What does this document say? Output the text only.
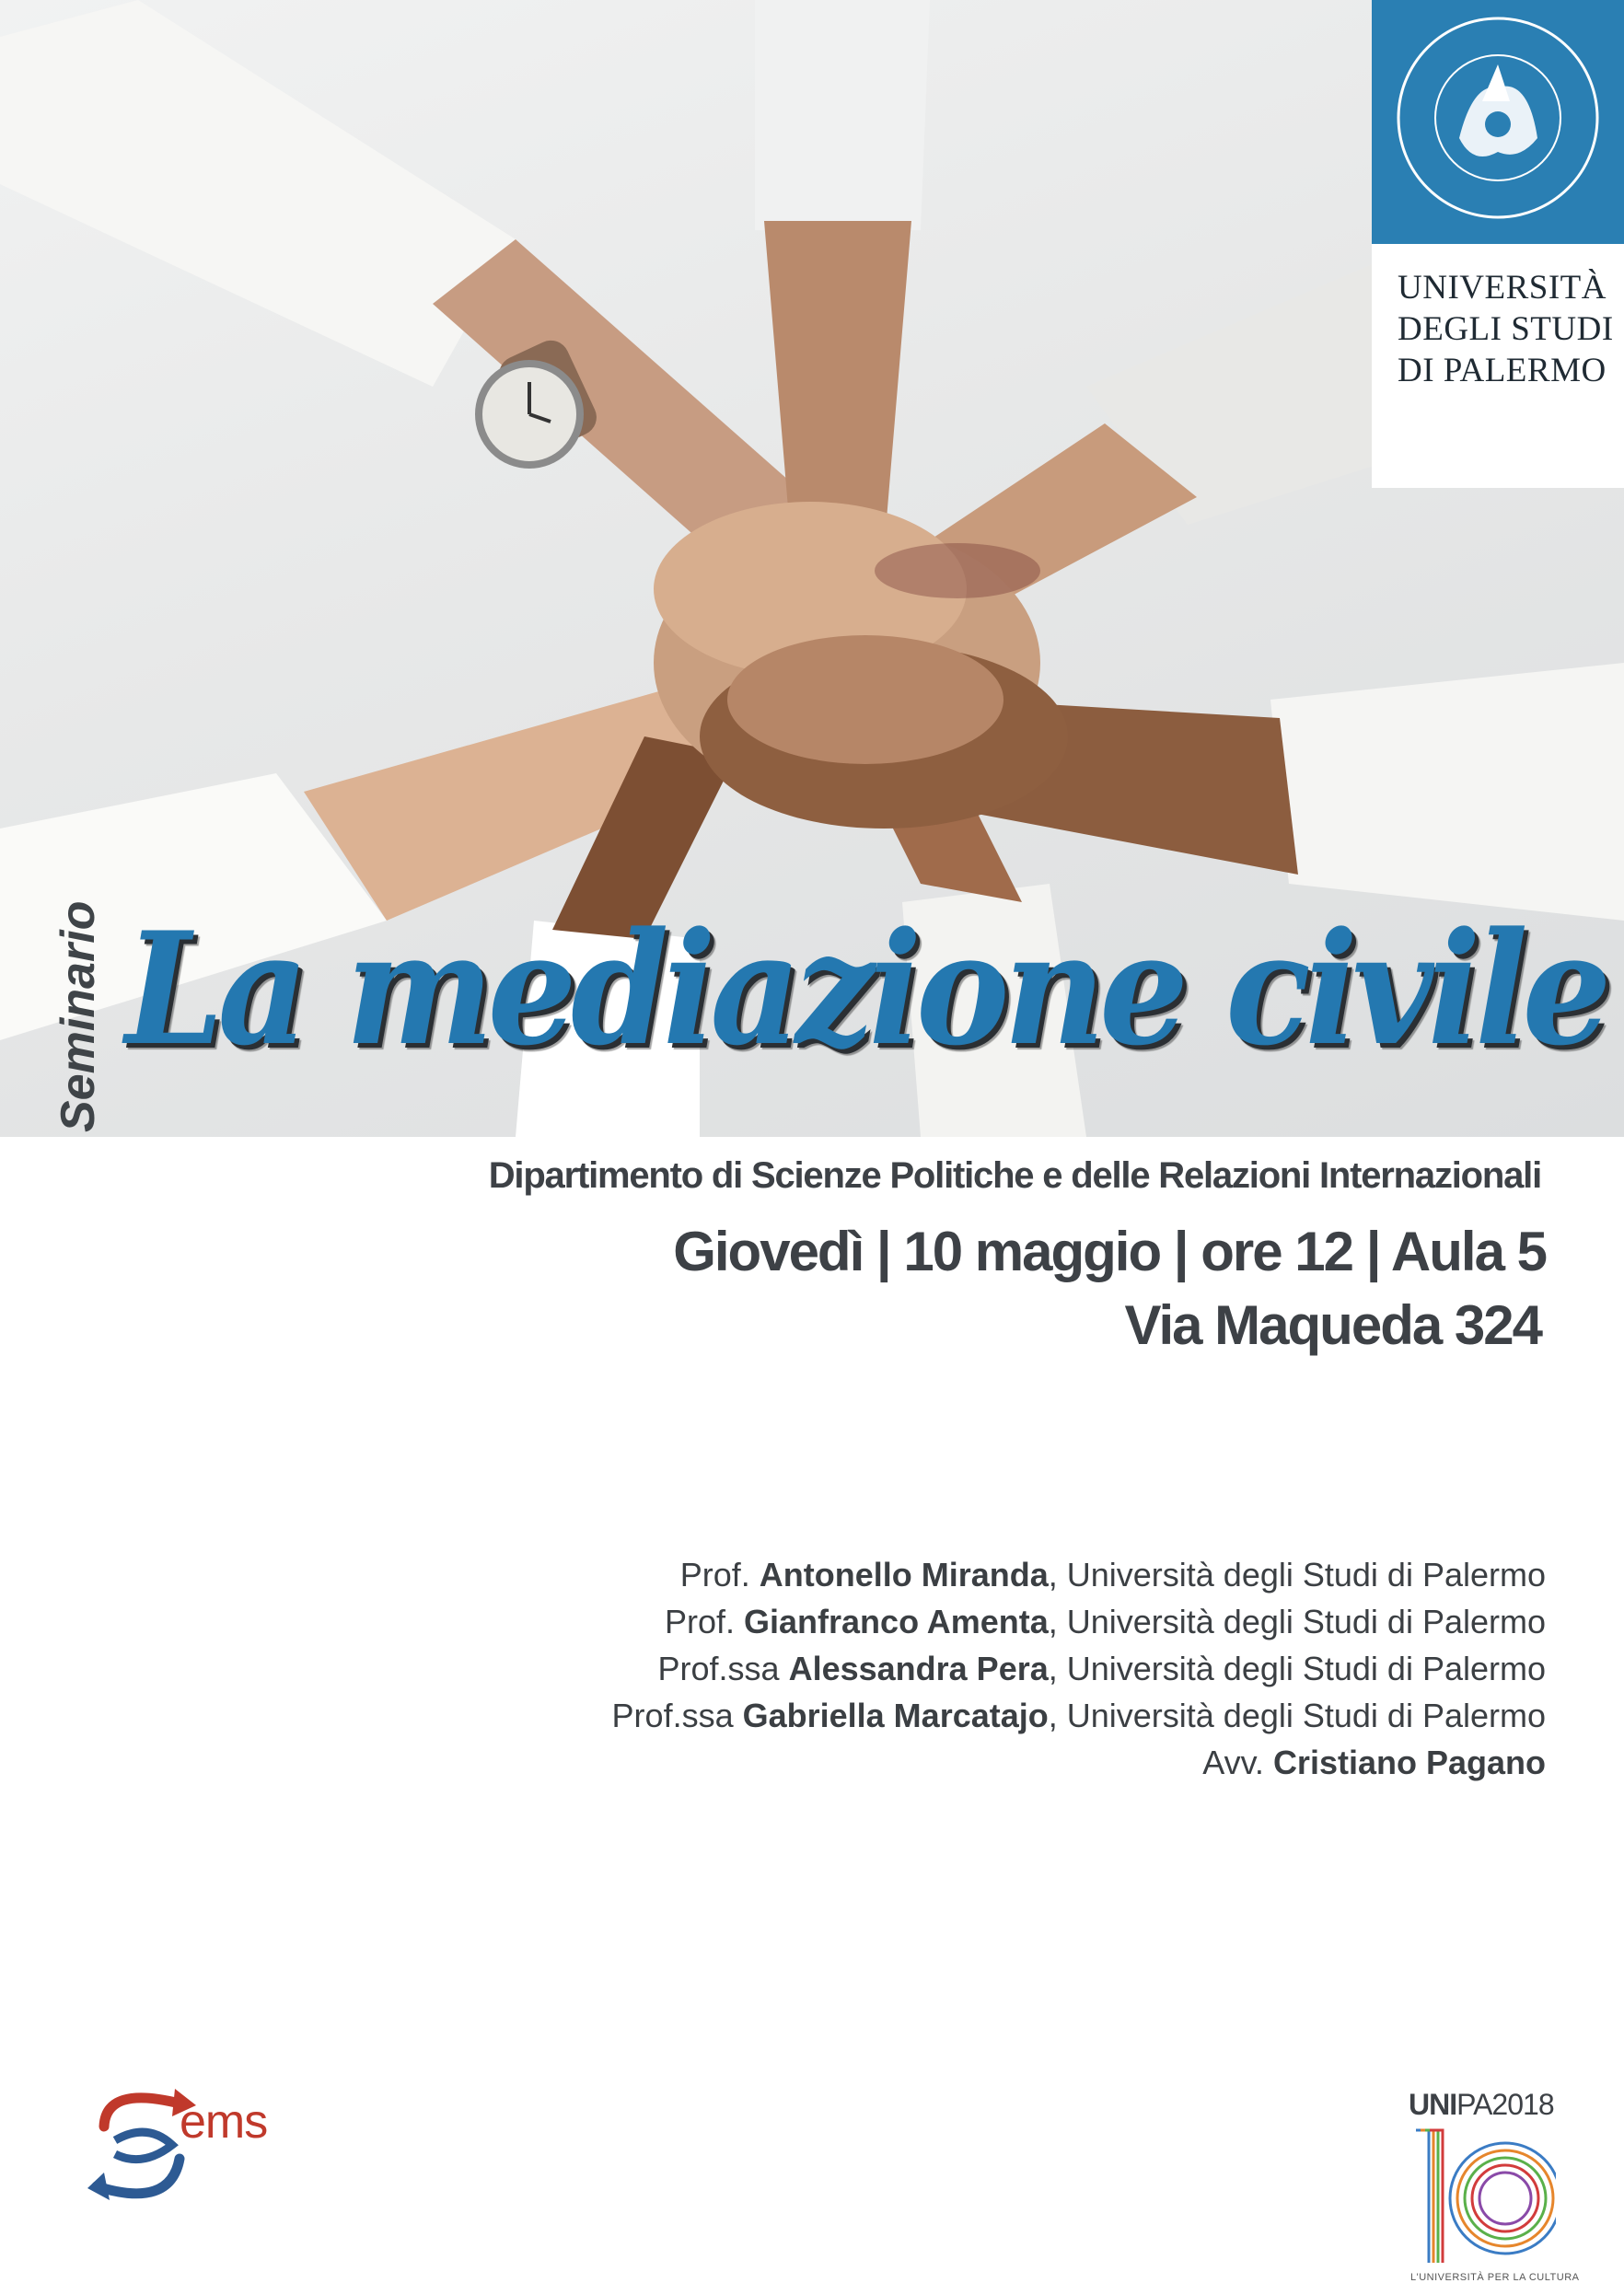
UNIVERSITÀ
DEGLI STUDI
DI PALERMO
Seminario La mediazione civile
Dipartimento di Scienze Politiche e delle Relazioni Internazionali
Giovedì | 10 maggio | ore 12 | Aula 5
Via Maqueda 324
Prof. Antonello Miranda, Università degli Studi di Palermo
Prof. Gianfranco Amenta, Università degli Studi di Palermo
Prof.ssa Alessandra Pera, Università degli Studi di Palermo
Prof.ssa Gabriella Marcatajo, Università degli Studi di Palermo
Avv. Cristiano Pagano
ems	UNIPA2018
L'UNIVERSITÀ PER LA CULTURA
